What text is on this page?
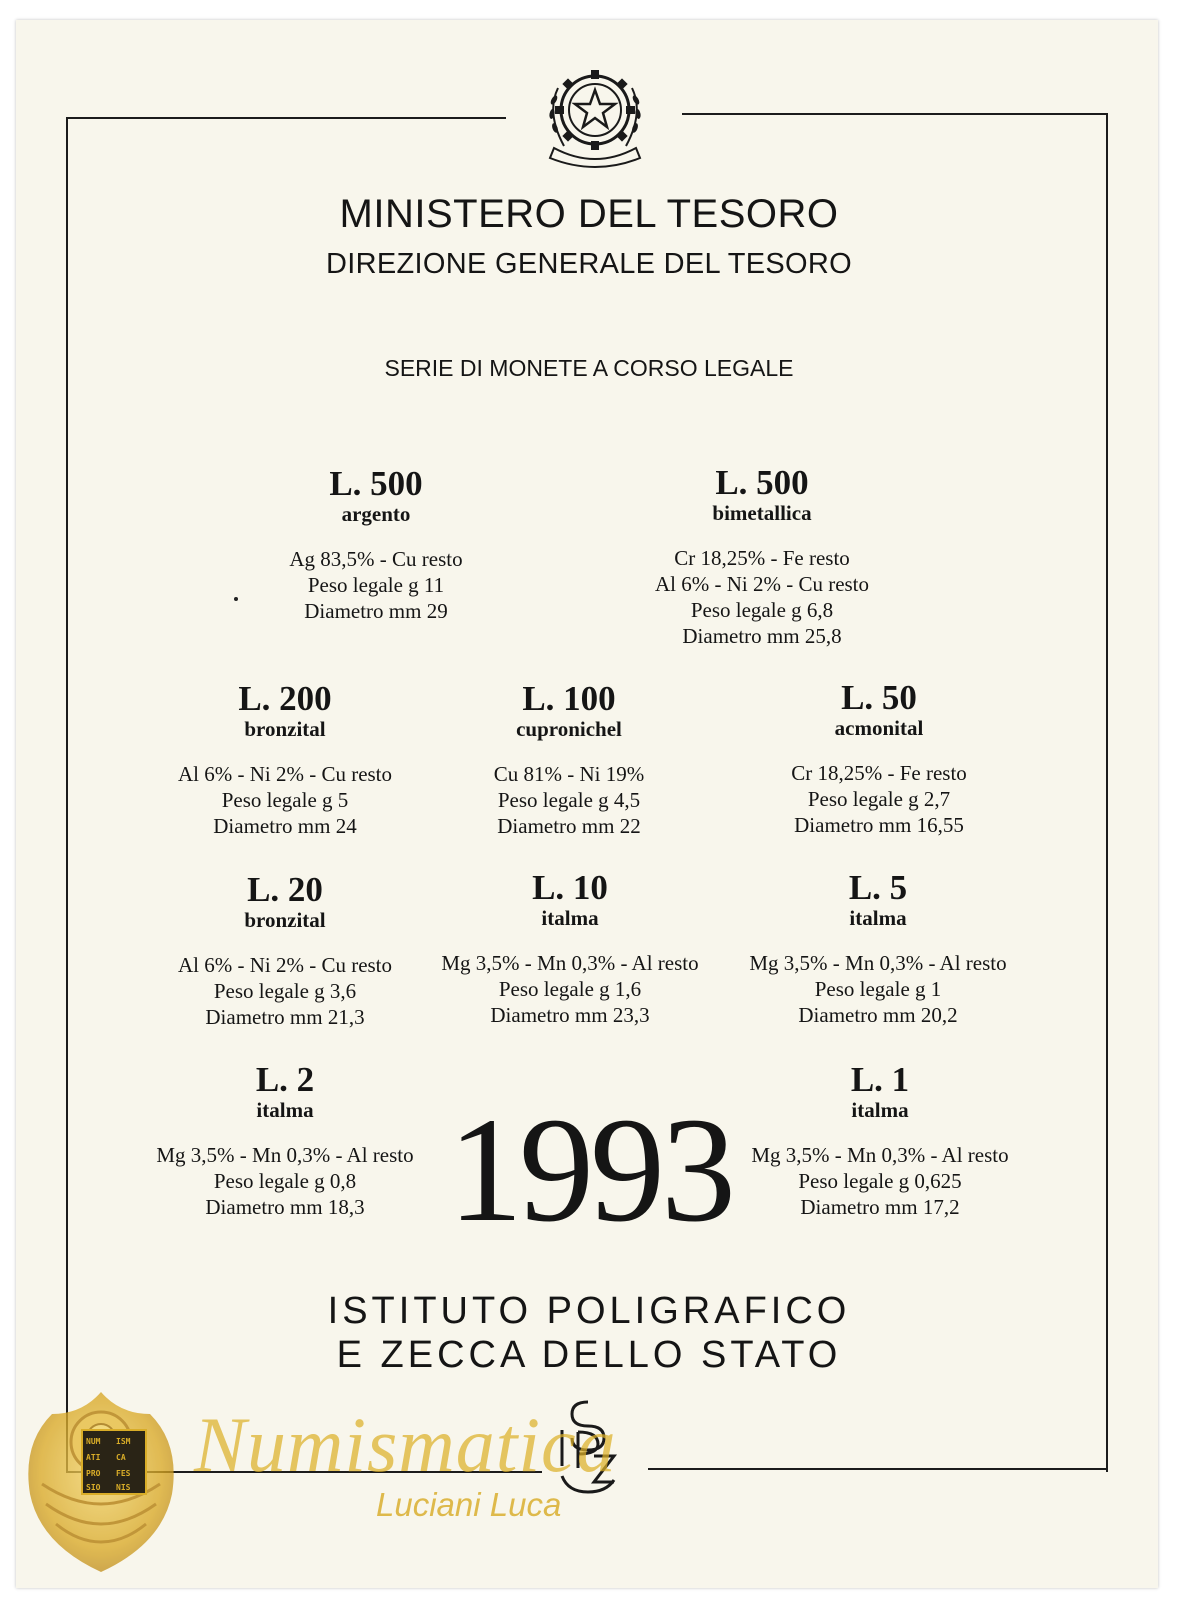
MINISTERO DEL TESORO
DIREZIONE GENERALE DEL TESORO
SERIE DI MONETE A CORSO LEGALE
L. 500
argento
Ag 83,5% - Cu resto
Peso legale g 11
Diametro mm 29
L. 500
bimetallica
Cr 18,25% - Fe resto
Al 6% - Ni 2% - Cu resto
Peso legale g 6,8
Diametro mm 25,8
L. 200
bronzital
Al 6% - Ni 2% - Cu resto
Peso legale g 5
Diametro mm 24
L. 100
cupronichel
Cu 81% - Ni 19%
Peso legale g 4,5
Diametro mm 22
L. 50
acmonital
Cr 18,25% - Fe resto
Peso legale g 2,7
Diametro mm 16,55
L. 20
bronzital
Al 6% - Ni 2% - Cu resto
Peso legale g 3,6
Diametro mm 21,3
L. 10
italma
Mg 3,5% - Mn 0,3% - Al resto
Peso legale g 1,6
Diametro mm 23,3
L. 5
italma
Mg 3,5% - Mn 0,3% - Al resto
Peso legale g 1
Diametro mm 20,2
L. 2
italma
Mg 3,5% - Mn 0,3% - Al resto
Peso legale g 0,8
Diametro mm 18,3 1993
L. 1
italma
Mg 3,5% - Mn 0,3% - Al resto
Peso legale g 0,625
Diametro mm 17,2
ISTITUTO POLIGRAFICO
E ZECCA DELLO STATO
NUM ISM
ATI CA
PRO FES
SIO NIS Numismatica
Luciani Luca
